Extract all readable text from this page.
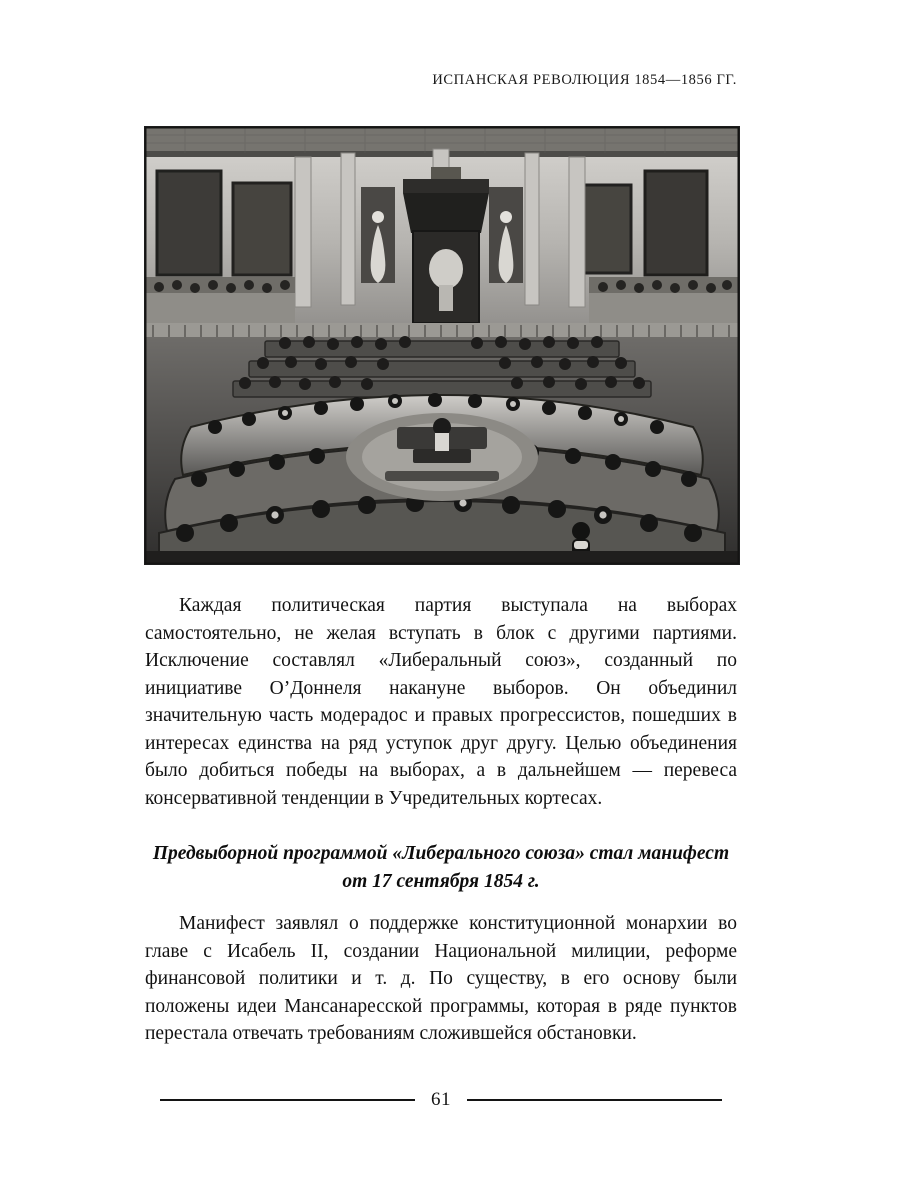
ИСПАНСКАЯ РЕВОЛЮЦИЯ 1854—1856 ГГ.
Каждая политическая партия выступала на выборах самостоятельно, не желая вступать в блок с другими партиями. Исключение составлял «Либеральный союз», созданный по инициативе О’Доннеля накануне выборов. Он объединил значительную часть модерадос и правых прогрессистов, пошедших в интересах единства на ряд уступок друг другу. Целью объединения было добиться победы на выборах, а в дальнейшем — перевеса консервативной тенденции в Учредительных кортесах.
Предвыборной программой «Либерального союза» стал манифест от 17 сентября 1854 г.
Манифест заявлял о поддержке конституционной монархии во главе с Исабель II, создании Национальной милиции, реформе финансовой политики и т. д. По существу, в его основу были положены идеи Мансанаресской программы, которая в ряде пунктов перестала отвечать требованиям сложившейся обстановки.
61
